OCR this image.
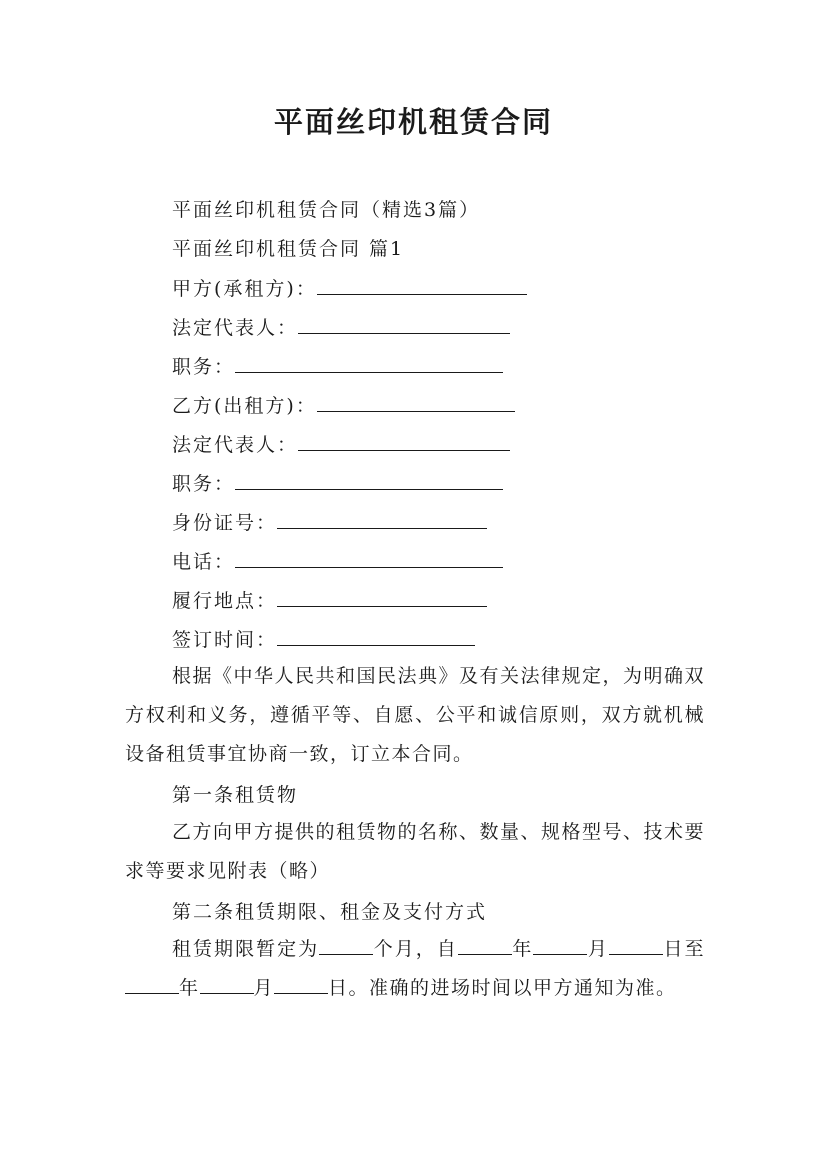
平面丝印机租赁合同
平面丝印机租赁合同（精选3篇）
平面丝印机租赁合同 篇1
甲方(承租方)：
法定代表人：
职务：
乙方(出租方)：
法定代表人：
职务：
身份证号：
电话：
履行地点：
签订时间：

根据《中华人民共和国民法典》及有关法律规定，为明确双方权利和义务，遵循平等、自愿、公平和诚信原则，双方就机械设备租赁事宜协商一致，订立本合同。

第一条租赁物

乙方向甲方提供的租赁物的名称、数量、规格型号、技术要求等要求见附表（略）

第二条租赁期限、租金及支付方式

租赁期限暂定为	个月，自	年	月	日至年	月	日。准确的进场时间以甲方通知为准。
